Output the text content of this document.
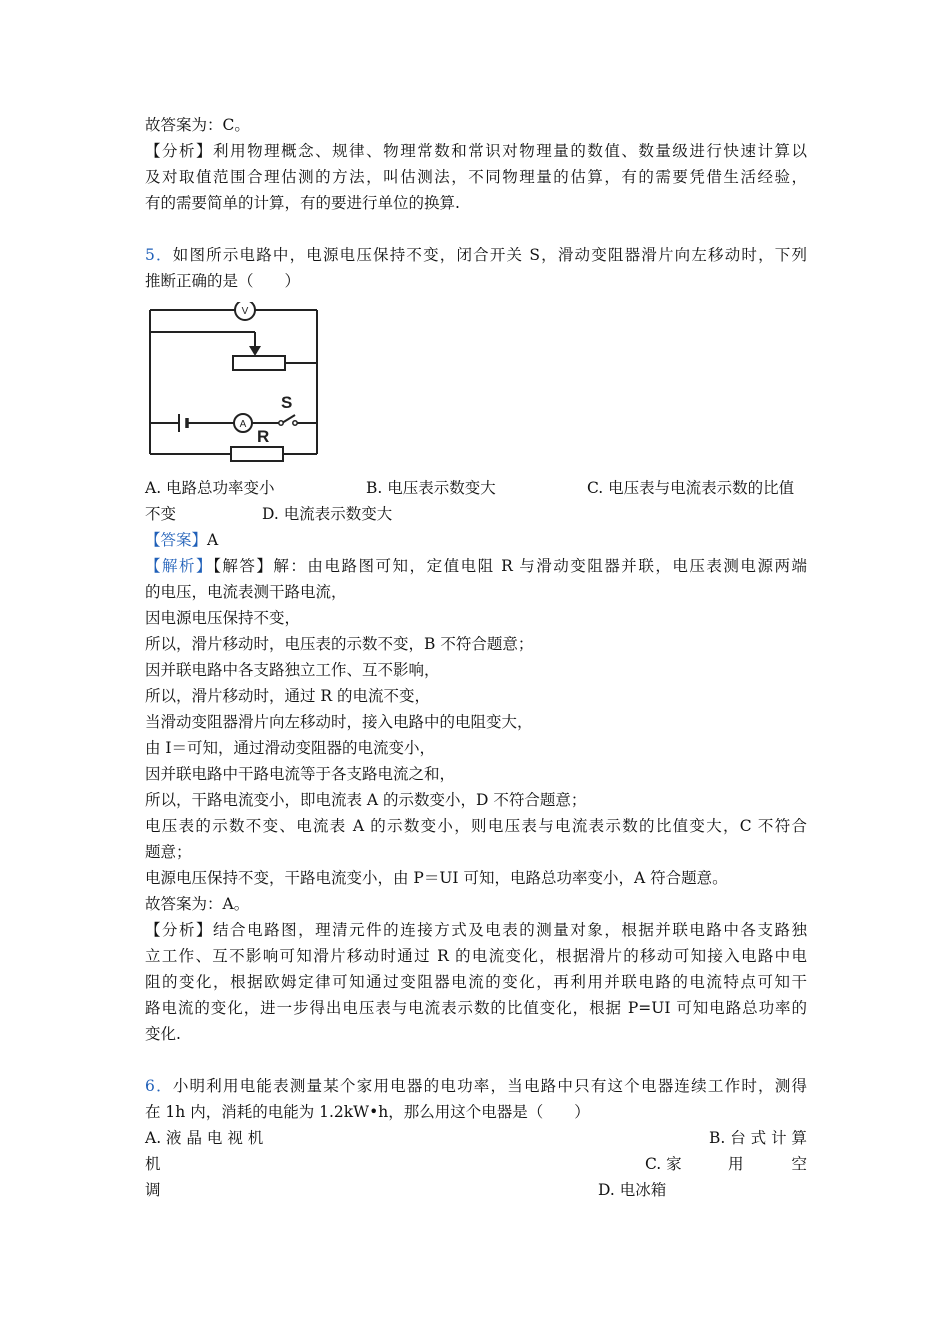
故答案为：C。
【分析】利用物理概念、规律、物理常数和常识对物理量的数值、数量级进行快速计算以
及对取值范围合理估测的方法，叫估测法，不同物理量的估算，有的需要凭借生活经验，
有的需要简单的计算，有的要进行单位的换算.
5．如图所示电路中，电源电压保持不变，闭合开关 S，滑动变阻器滑片向左移动时，下列
推断正确的是（　　）
V
A
S
R
A. 电路总功率变小	B. 电压表示数变大	C. 电压表与电流表示数的比值
不变	D. 电流表示数变大
【答案】A
【解析】【解答】解：由电路图可知，定值电阻 R 与滑动变阻器并联，电压表测电源两端
的电压，电流表测干路电流，
因电源电压保持不变，
所以，滑片移动时，电压表的示数不变，B 不符合题意；
因并联电路中各支路独立工作、互不影响，
所以，滑片移动时，通过 R 的电流不变，
当滑动变阻器滑片向左移动时，接入电路中的电阻变大，
由 I＝可知，通过滑动变阻器的电流变小，
因并联电路中干路电流等于各支路电流之和，
所以，干路电流变小，即电流表 A 的示数变小，D 不符合题意；
电压表的示数不变、电流表 A 的示数变小，则电压表与电流表示数的比值变大，C 不符合
题意；
电源电压保持不变，干路电流变小，由 P＝UI 可知，电路总功率变小，A 符合题意。
故答案为：A。
【分析】结合电路图，理清元件的连接方式及电表的测量对象，根据并联电路中各支路独
立工作、互不影响可知滑片移动时通过 R 的电流变化，根据滑片的移动可知接入电路中电
阻的变化，根据欧姆定律可知通过变阻器电流的变化，再利用并联电路的电流特点可知干
路电流的变化，进一步得出电压表与电流表示数的比值变化，根据 P=UI 可知电路总功率的
变化.
6．小明利用电能表测量某个家用电器的电功率，当电路中只有这个电器连续工作时，测得
在 1h 内，消耗的电能为 1.2kW•h，那么用这个电器是（　　）
A. 液 晶 电 视 机	B. 台 式 计 算
机	C. 家	用	空
调	D. 电冰箱
